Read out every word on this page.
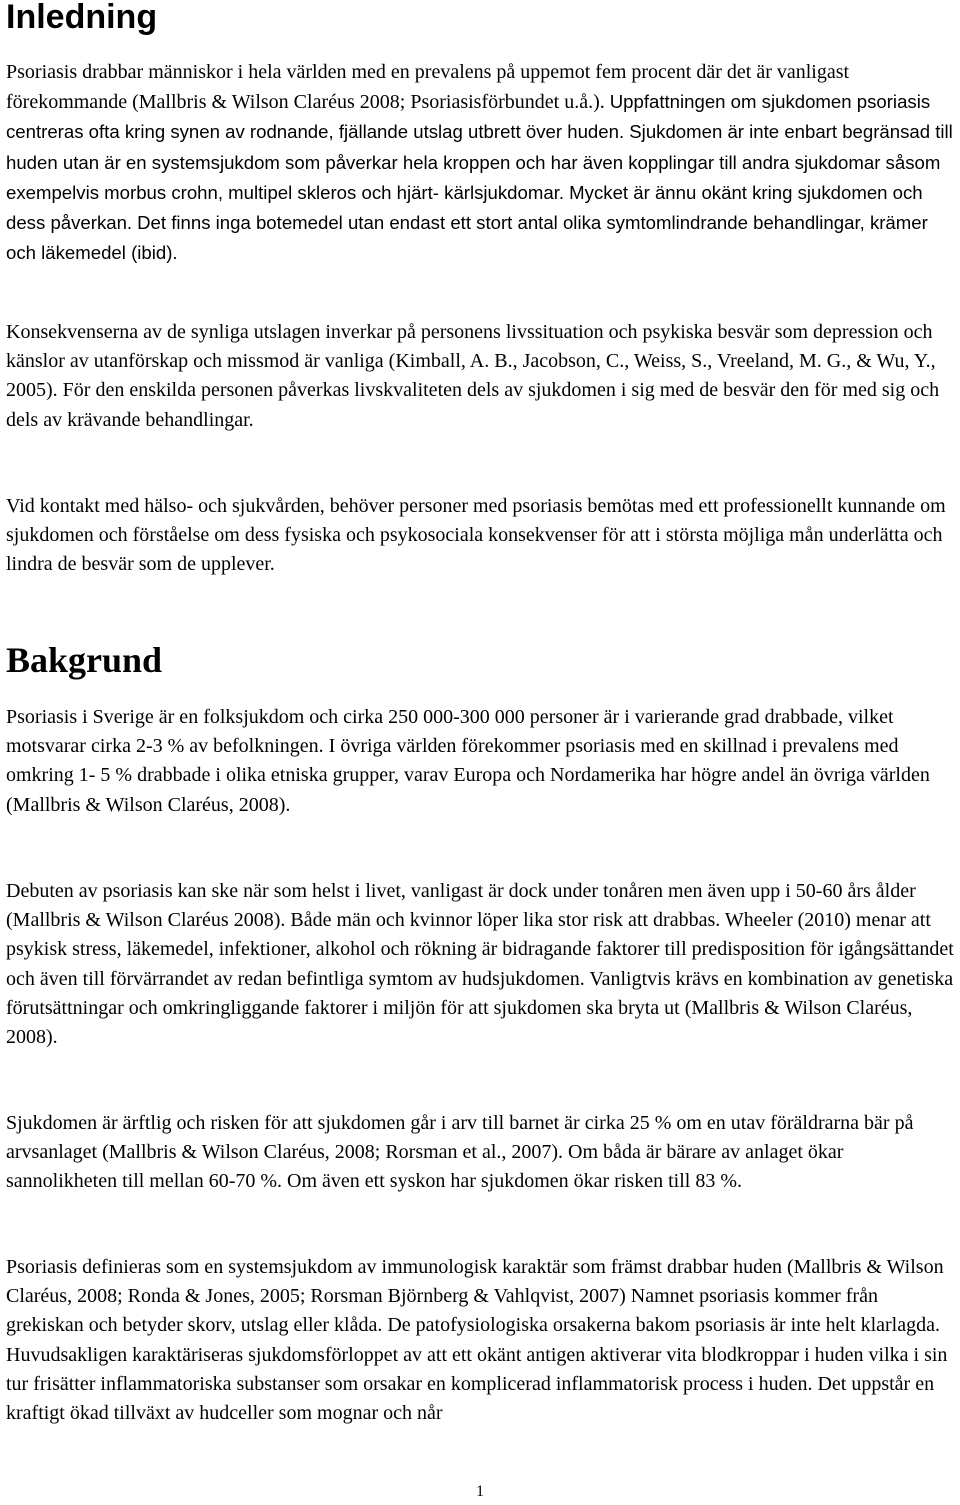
Inledning

Psoriasis drabbar människor i hela världen med en prevalens på uppemot fem procent där det är vanligast förekommande (Mallbris & Wilson Claréus 2008; Psoriasisförbundet u.å.). Uppfattningen om sjukdomen psoriasis centreras ofta kring synen av rodnande, fjällande utslag utbrett över huden. Sjukdomen är inte enbart begränsad till huden utan är en systemsjukdom som påverkar hela kroppen och har även kopplingar till andra sjukdomar såsom exempelvis morbus crohn, multipel skleros och hjärt- kärlsjukdomar. Mycket är ännu okänt kring sjukdomen och dess påverkan. Det finns inga botemedel utan endast ett stort antal olika symtomlindrande behandlingar, krämer och läkemedel (ibid).

Konsekvenserna av de synliga utslagen inverkar på personens livssituation och psykiska besvär som depression och känslor av utanförskap och missmod är vanliga (Kimball, A. B., Jacobson, C., Weiss, S., Vreeland, M. G., & Wu, Y., 2005). För den enskilda personen påverkas livskvaliteten dels av sjukdomen i sig med de besvär den för med sig och dels av krävande behandlingar.

Vid kontakt med hälso- och sjukvården, behöver personer med psoriasis bemötas med ett professionellt kunnande om sjukdomen och förståelse om dess fysiska och psykosociala konsekvenser för att i största möjliga mån underlätta och lindra de besvär som de upplever.

Bakgrund

Psoriasis i Sverige är en folksjukdom och cirka 250 000-300 000 personer är i varierande grad drabbade, vilket motsvarar cirka 2-3 % av befolkningen. I övriga världen förekommer psoriasis med en skillnad i prevalens med omkring 1- 5 % drabbade i olika etniska grupper, varav Europa och Nordamerika har högre andel än övriga världen (Mallbris & Wilson Claréus, 2008).

Debuten av psoriasis kan ske när som helst i livet, vanligast är dock under tonåren men även upp i 50-60 års ålder (Mallbris & Wilson Claréus 2008). Både män och kvinnor löper lika stor risk att drabbas. Wheeler (2010) menar att psykisk stress, läkemedel, infektioner, alkohol och rökning är bidragande faktorer till predisposition för igångsättandet och även till förvärrandet av redan befintliga symtom av hudsjukdomen. Vanligtvis krävs en kombination av genetiska förutsättningar och omkringliggande faktorer i miljön för att sjukdomen ska bryta ut (Mallbris & Wilson Claréus, 2008).

Sjukdomen är ärftlig och risken för att sjukdomen går i arv till barnet är cirka 25 % om en utav föräldrarna bär på arvsanlaget (Mallbris & Wilson Claréus, 2008; Rorsman et al., 2007). Om båda är bärare av anlaget ökar sannolikheten till mellan 60-70 %. Om även ett syskon har sjukdomen ökar risken till 83 %.

Psoriasis definieras som en systemsjukdom av immunologisk karaktär som främst drabbar huden (Mallbris & Wilson Claréus, 2008; Ronda & Jones, 2005; Rorsman Björnberg & Vahlqvist, 2007) Namnet psoriasis kommer från grekiskan och betyder skorv, utslag eller klåda. De patofysiologiska orsakerna bakom psoriasis är inte helt klarlagda. Huvudsakligen karaktäriseras sjukdomsförloppet av att ett okänt antigen aktiverar vita blodkroppar i huden vilka i sin tur frisätter inflammatoriska substanser som orsakar en komplicerad inflammatorisk process i huden. Det uppstår en kraftigt ökad tillväxt av hudceller som mognar och når

1
